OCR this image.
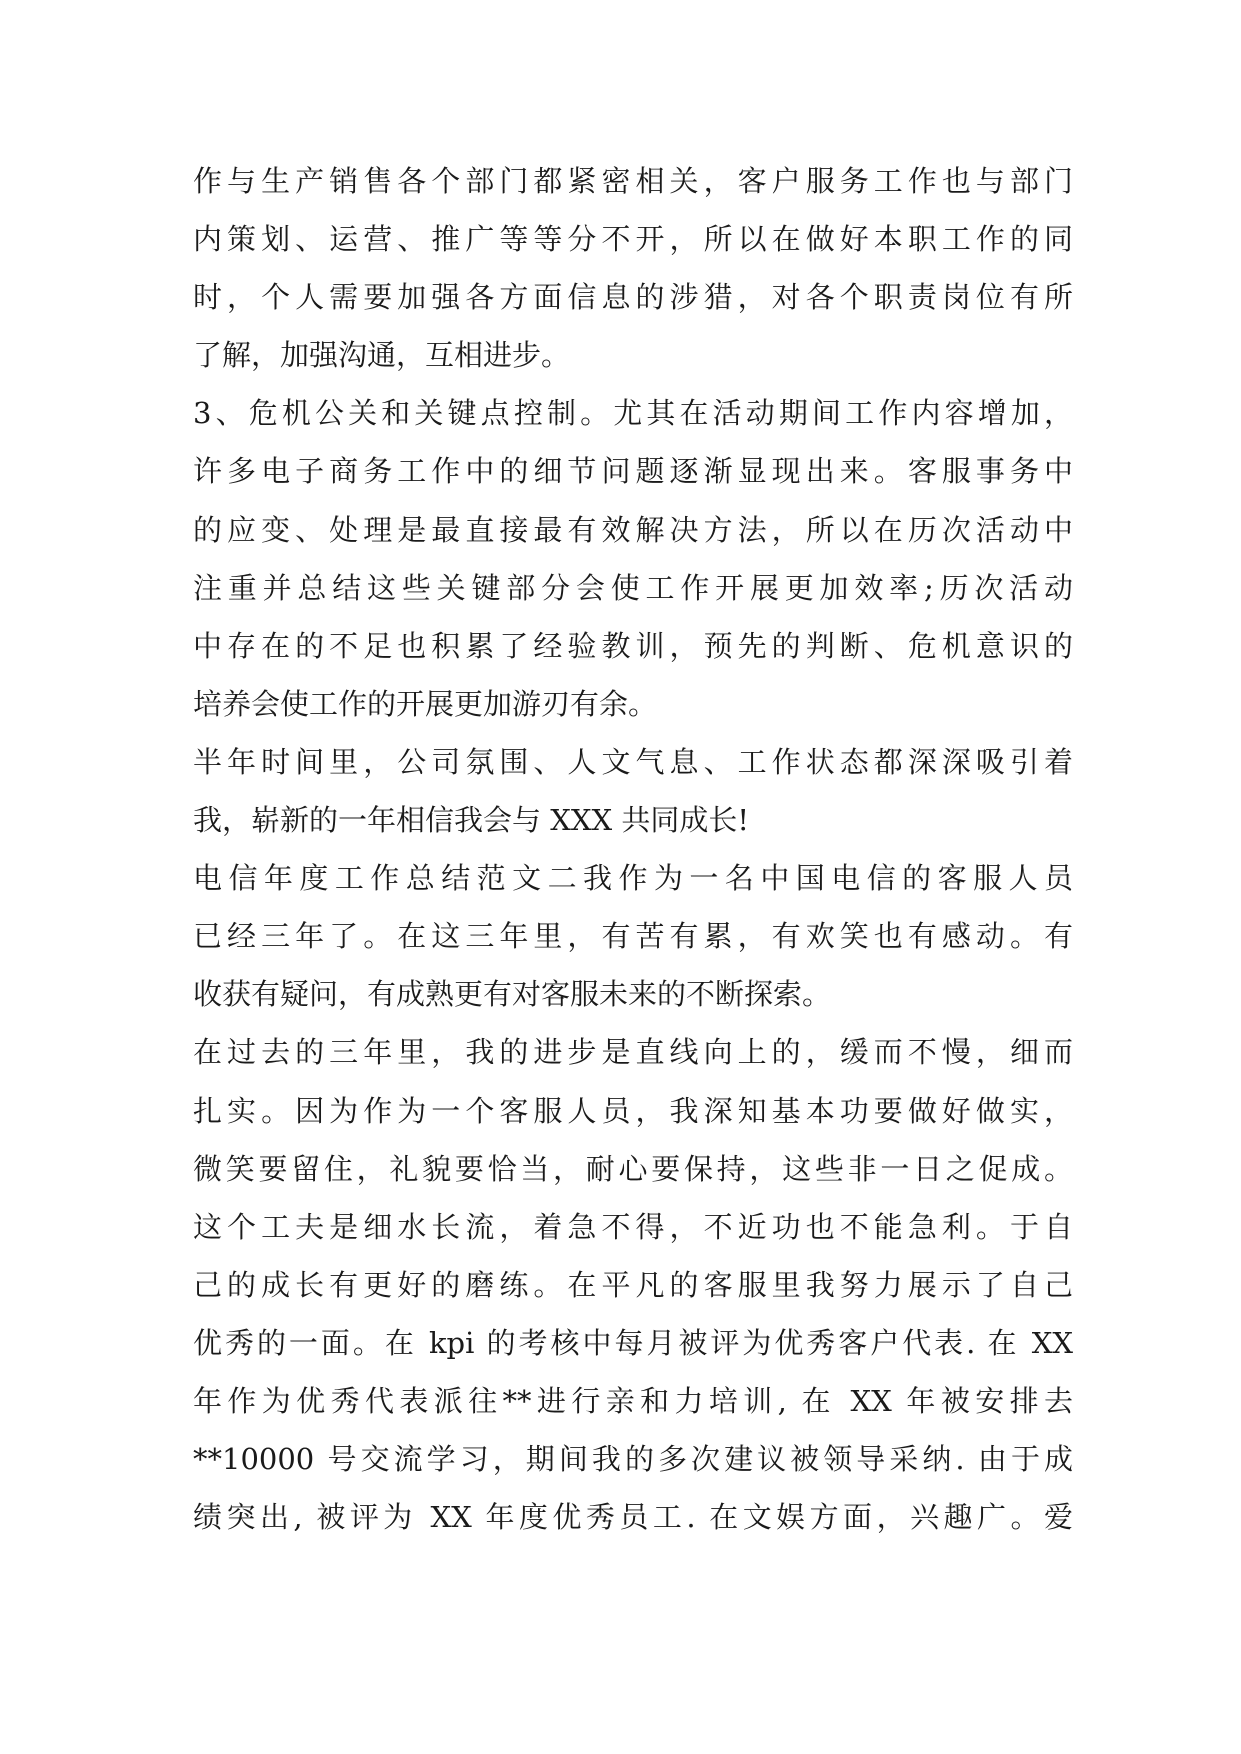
作与生产销售各个部门都紧密相关，客户服务工作也与部门
内策划、运营、推广等等分不开，所以在做好本职工作的同
时，个人需要加强各方面信息的涉猎，对各个职责岗位有所
了解，加强沟通，互相进步。
3、危机公关和关键点控制。尤其在活动期间工作内容增加，
许多电子商务工作中的细节问题逐渐显现出来。客服事务中
的应变、处理是最直接最有效解决方法，所以在历次活动中
注重并总结这些关键部分会使工作开展更加效率;历次活动
中存在的不足也积累了经验教训，预先的判断、危机意识的
培养会使工作的开展更加游刃有余。
半年时间里，公司氛围、人文气息、工作状态都深深吸引着
我，崭新的一年相信我会与 XXX 共同成长!
电信年度工作总结范文二我作为一名中国电信的客服人员
已经三年了。在这三年里，有苦有累，有欢笑也有感动。有
收获有疑问，有成熟更有对客服未来的不断探索。
在过去的三年里，我的进步是直线向上的，缓而不慢，细而
扎实。因为作为一个客服人员，我深知基本功要做好做实，
微笑要留住，礼貌要恰当，耐心要保持，这些非一日之促成。
这个工夫是细水长流，着急不得，不近功也不能急利。于自
己的成长有更好的磨练。在平凡的客服里我努力展示了自己
优秀的一面。在 kpi 的考核中每月被评为优秀客户代表. 在 XX
年作为优秀代表派往**进行亲和力培训, 在 XX 年被安排去
**10000 号交流学习，期间我的多次建议被领导采纳. 由于成
绩突出, 被评为 XX 年度优秀员工. 在文娱方面，兴趣广。爱
